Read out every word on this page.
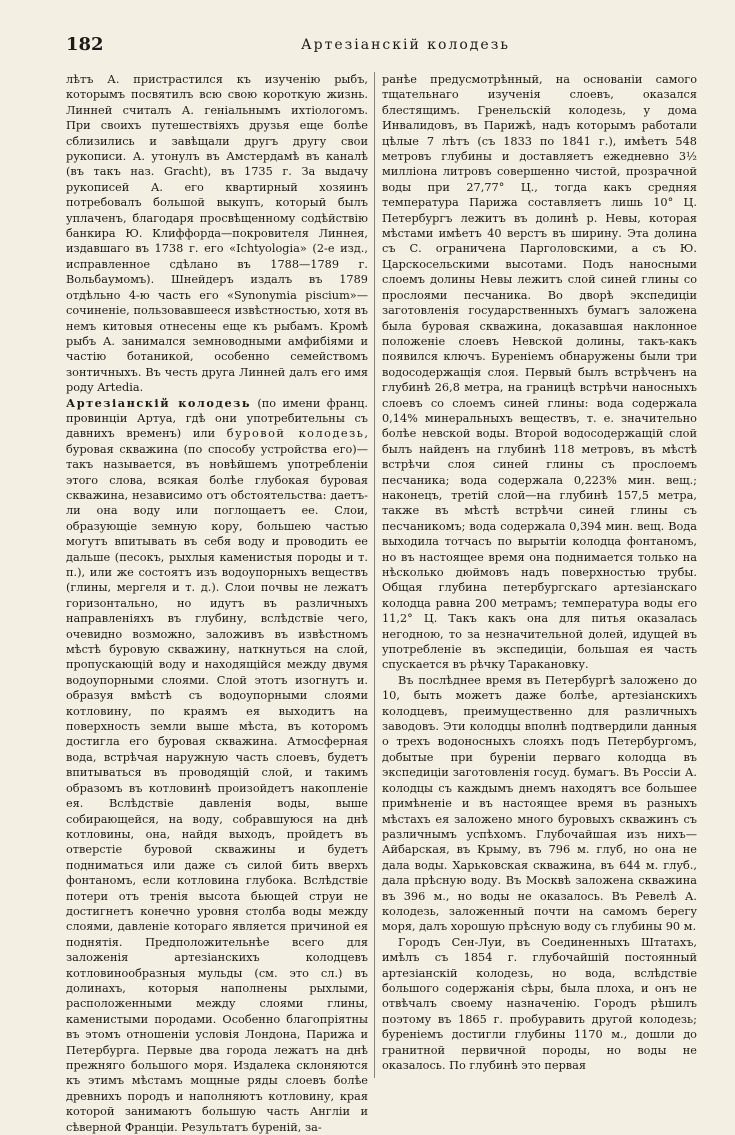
182	Артезіанскій колодезь

лѣтъ А. пристрастился къ изученію рыбъ, которымъ посвятилъ всю свою короткую жизнь. Линней считалъ А. геніальнымъ ихтіологомъ. При своихъ путешествіяхъ друзья еще болѣе сблизились и завѣщали другъ другу свои рукописи. А. утонулъ въ Амстердамѣ въ каналѣ (въ такъ наз. Gracht), въ 1735 г. За выдачу рукописей А. его квартирный хозяинъ потребовалъ большой выкупъ, который былъ уплаченъ, благодаря просвѣщенному содѣйствію банкира Ю. Клиффорда—покровителя Линнея, издавшаго въ 1738 г. его «Ichtyologia» (2-е изд., исправленное сдѣлано въ 1788—1789 г. Вольбаумомъ). Шнейдеръ издалъ въ 1789 отдѣльно 4-ю часть его «Synonymia piscium»—сочиненіе, пользовавшееся извѣстностью, хотя въ немъ китовыя отнесены еще къ рыбамъ. Кромѣ рыбъ А. занимался земноводными амфибіями и частію ботаникой, особенно семействомъ зонтичныхъ. Въ честь друга Линней далъ его имя роду Artedia.

Артезіанскій колодезь (по имени франц. провинціи Артуа, гдѣ они употребительны съ давнихъ временъ) или буровой колодезь, буровая скважина (по способу устройства его)—такъ называется, въ новѣйшемъ употребленіи этого слова, всякая болѣе глубокая буровая скважина, независимо отъ обстоятельства: даетъ-ли она воду или поглощаетъ ее. Слои, образующіе земную кору, большею частью могутъ впитывать въ себя воду и проводить ее дальше (песокъ, рыхлыя каменистыя породы и т. п.), или же состоятъ изъ водоупорныхъ веществъ (глины, мергеля и т. д.). Слои почвы не лежатъ горизонтально, но идутъ въ различныхъ направленіяхъ въ глубину, вслѣдствіе чего, очевидно возможно, заложивъ въ извѣстномъ мѣстѣ буровую скважину, наткнуться на слой, пропускающій воду и находящійся между двумя водоупорными слоями. Слой этотъ изогнутъ и. образуя вмѣстѣ съ водоупорными слоями котловину, по краямъ ея выходитъ на поверхность земли выше мѣста, въ которомъ достигла его буровая скважина. Атмосферная вода, встрѣчая наружную часть слоевъ, будетъ впитываться въ проводящій слой, и такимъ образомъ въ котловинѣ произойдетъ накопленіе ея. Вслѣдствіе давленія воды, выше собирающейся, на воду, собравшуюся на днѣ котловины, она, найдя выходъ, пройдетъ въ отверстіе буровой скважины и будетъ подниматься или даже съ силой бить вверхъ фонтаномъ, если котловина глубока. Вслѣдствіе потери отъ тренія высота бьющей струи не достигнетъ конечно уровня столба воды между слоями, давленіе котораго является причиной ея поднятія. Предположительнѣе всего для заложенія артезіанскихъ колодцевъ котловинообразныя мульды (см. это сл.) въ долинахъ, которыя наполнены рыхлыми, расположенными между слоями глины, каменистыми породами. Особенно благопріятны въ этомъ отношеніи условія Лондона, Парижа и Петербурга. Первые два города лежатъ на днѣ прежняго большого моря. Издалека склоняются къ этимъ мѣстамъ мощные ряды слоевъ болѣе древнихъ породъ и наполняютъ котловину, края которой занимаютъ большую часть Англіи и сѣверной Франціи. Результатъ буреній, за-

ранѣе предусмотрѣнный, на основаніи самого тщательнаго изученія слоевъ, оказался блестящимъ. Гренельскій колодезь, у дома Инвалидовъ, въ Парижѣ, надъ которымъ работали цѣлые 7 лѣтъ (съ 1833 по 1841 г.), имѣетъ 548 метровъ глубины и доставляетъ ежедневно 3½ милліона литровъ совершенно чистой, прозрачной воды при 27,77° Ц., тогда какъ средняя температура Парижа составляетъ лишь 10° Ц. Петербургъ лежитъ въ долинѣ р. Невы, которая мѣстами имѣетъ 40 верстъ въ ширину. Эта долина съ С. ограничена Парголовскими, а съ Ю. Царскосельскими высотами. Подъ наносными слоемъ долины Невы лежитъ слой синей глины со прослоями песчаника. Во дворѣ экспедиціи заготовленія государственныхъ бумагъ заложена была буровая скважина, доказавшая наклонное положеніе слоевъ Невской долины, такъ-какъ появился ключъ. Буреніемъ обнаружены были три водосодержащія слоя. Первый былъ встрѣченъ на глубинѣ 26,8 метра, на границѣ встрѣчи наносныхъ слоевъ со слоемъ синей глины: вода содержала 0,14% минеральныхъ веществъ, т. е. значительно болѣе невской воды. Второй водосодержащій слой былъ найденъ на глубинѣ 118 метровъ, въ мѣстѣ встрѣчи слоя синей глины съ прослоемъ песчаника; вода содержала 0,223% мин. вещ.; наконецъ, третій слой—на глубинѣ 157,5 метра, также въ мѣстѣ встрѣчи синей глины съ песчаникомъ; вода содержала 0,394 мин. вещ. Вода выходила тотчасъ по вырытіи колодца фонтаномъ, но въ настоящее время она поднимается только на нѣсколько дюймовъ надъ поверхностью трубы. Общая глубина петербургскаго артезіанскаго колодца равна 200 метрамъ; температура воды его 11,2° Ц. Такъ какъ она для питья оказалась негодною, то за незначительной долей, идущей въ употребленіе въ экспедиціи, большая ея часть спускается въ рѣчку Таракановку.

Въ послѣднее время въ Петербургѣ заложено до 10, быть можетъ даже болѣе, артезіанскихъ колодцевъ, преимущественно для различныхъ заводовъ. Эти колодцы вполнѣ подтвердили данныя о трехъ водоносныхъ слояхъ подъ Петербургомъ, добытые при буреніи перваго колодца въ экспедиціи заготовленія госуд. бумагъ. Въ Россіи А. колодцы съ каждымъ днемъ находятъ все большее примѣненіе и въ настоящее время въ разныхъ мѣстахъ ея заложено много буровыхъ скважинъ съ различнымъ успѣхомъ. Глубочайшая изъ нихъ—Айбарская, въ Крыму, въ 796 м. глуб, но она не дала воды. Харьковская скважина, въ 644 м. глуб., дала прѣсную воду. Въ Москвѣ заложена скважина въ 396 м., но воды не оказалось. Въ Ревелѣ А. колодезь, заложенный почти на самомъ берегу моря, далъ хорошую прѣсную воду съ глубины 90 м.

Городъ Сен-Луи, въ Соединенныхъ Штатахъ, имѣлъ съ 1854 г. глубочайшій постоянный артезіанскій колодезь, но вода, вслѣдствіе большого содержанія сѣры, была плоха, и онъ не отвѣчалъ своему назначенію. Городъ рѣшилъ поэтому въ 1865 г. пробуравить другой колодезь; буреніемъ достигли глубины 1170 м., дошли до гранитной первичной породы, но воды не оказалось. По глубинѣ это первая
